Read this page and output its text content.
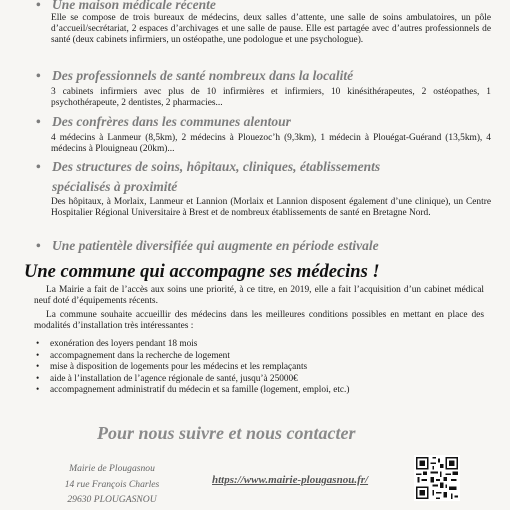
• Une maison médicale récente

Elle se compose de trois bureaux de médecins, deux salles d’attente, une salle de soins ambulatoires, un pôle d’accueil/secrétariat, 2 espaces d’archivages et une salle de pause. Elle est partagée avec d’autres professionnels de santé (deux cabinets infirmiers, un ostéopathe, une podologue et une psychologue).

• Des professionnels de santé nombreux dans la localité

3 cabinets infirmiers avec plus de 10 infirmières et infirmiers, 10 kinésithérapeutes, 2 ostéopathes, 1 psychothérapeute, 2 dentistes, 2 pharmacies...

• Des confrères dans les communes alentour

4 médecins à Lanmeur (8,5km), 2 médecins à Plouezoc’h (9,3km), 1 médecin à Plouégat-Guérand (13,5km), 4 médecins à Plouigneau (20km)...

• Des structures de soins, hôpitaux, cliniques, établissements
spécialisés à proximité

Des hôpitaux, à Morlaix, Lanmeur et Lannion (Morlaix et Lannion disposent également d’une clinique), un Centre Hospitalier Régional Universitaire à Brest et de nombreux établissements de santé en Bretagne Nord.

• Une patientèle diversifiée qui augmente en période estivale
Une commune qui accompagne ses médecins !

La Mairie a fait de l’accès aux soins une priorité, à ce titre, en 2019, elle a fait l’acquisition d’un cabinet médical neuf doté d’équipements récents.

La commune souhaite accueillir des médecins dans les meilleures conditions possibles en mettant en place des modalités d’installation très intéressantes :

• exonération des loyers pendant 18 mois
• accompagnement dans la recherche de logement
• mise à disposition de logements pour les médecins et les remplaçants
• aide à l’installation de l’agence régionale de santé, jusqu’à 25000€
• accompagnement administratif du médecin et sa famille (logement, emploi, etc.)
Pour nous suivre et nous contacter
Mairie de Plougasnou
14 rue François Charles
29630 PLOUGASNOU
https://www.mairie-plougasnou.fr/
